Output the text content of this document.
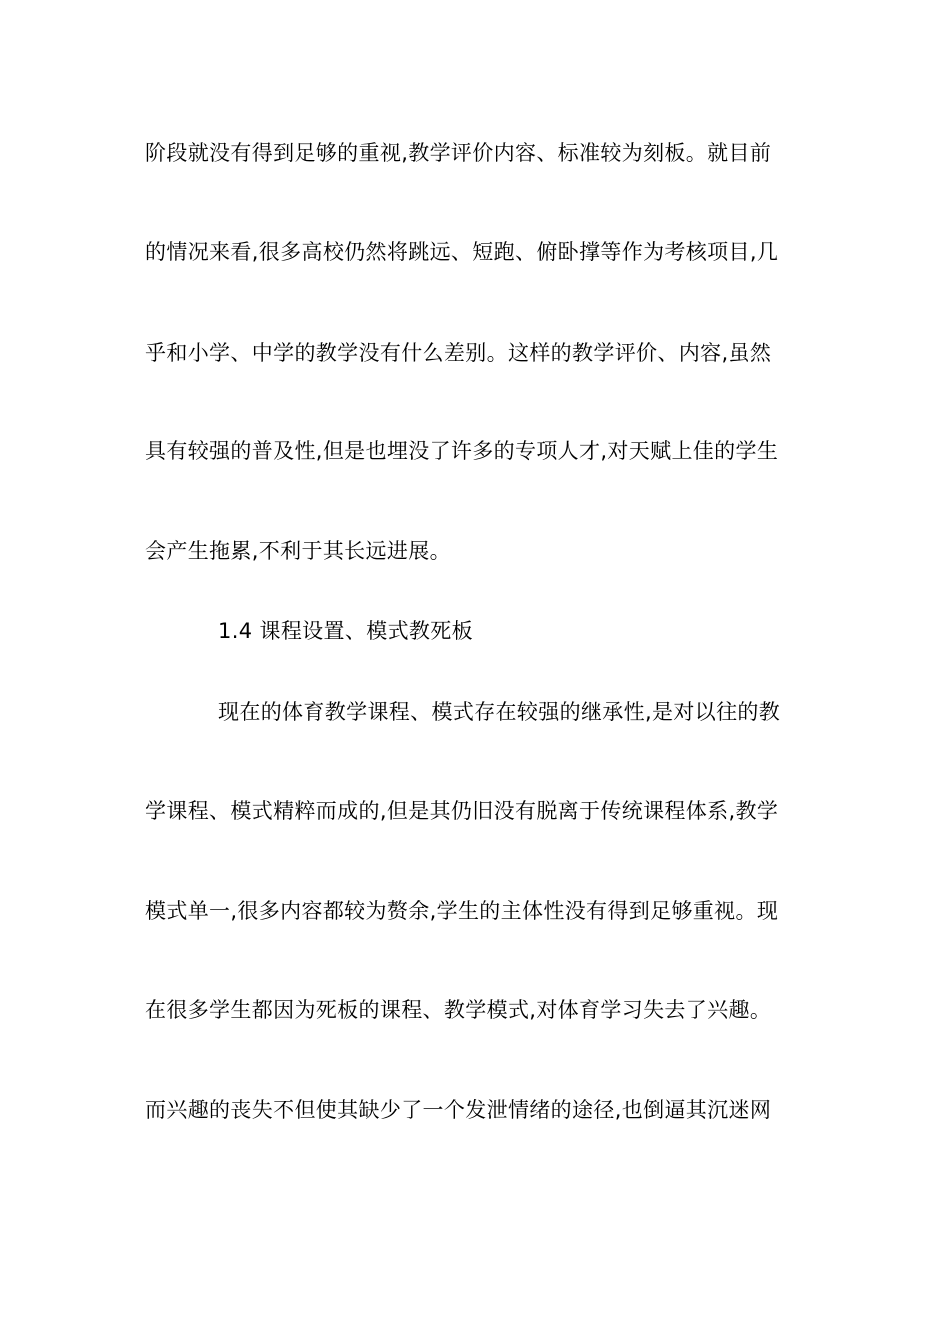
阶段就没有得到足够的重视,教学评价内容、标准较为刻板。就目前
的情况来看,很多高校仍然将跳远、短跑、俯卧撑等作为考核项目,几
乎和小学、中学的教学没有什么差别。这样的教学评价、内容,虽然
具有较强的普及性,但是也埋没了许多的专项人才,对天赋上佳的学生
会产生拖累,不利于其长远进展。
1.4 课程设置、模式教死板
现在的体育教学课程、模式存在较强的继承性,是对以往的教
学课程、模式精粹而成的,但是其仍旧没有脱离于传统课程体系,教学
模式单一,很多内容都较为赘余,学生的主体性没有得到足够重视。现
在很多学生都因为死板的课程、教学模式,对体育学习失去了兴趣。
而兴趣的丧失不但使其缺少了一个发泄情绪的途径,也倒逼其沉迷网
